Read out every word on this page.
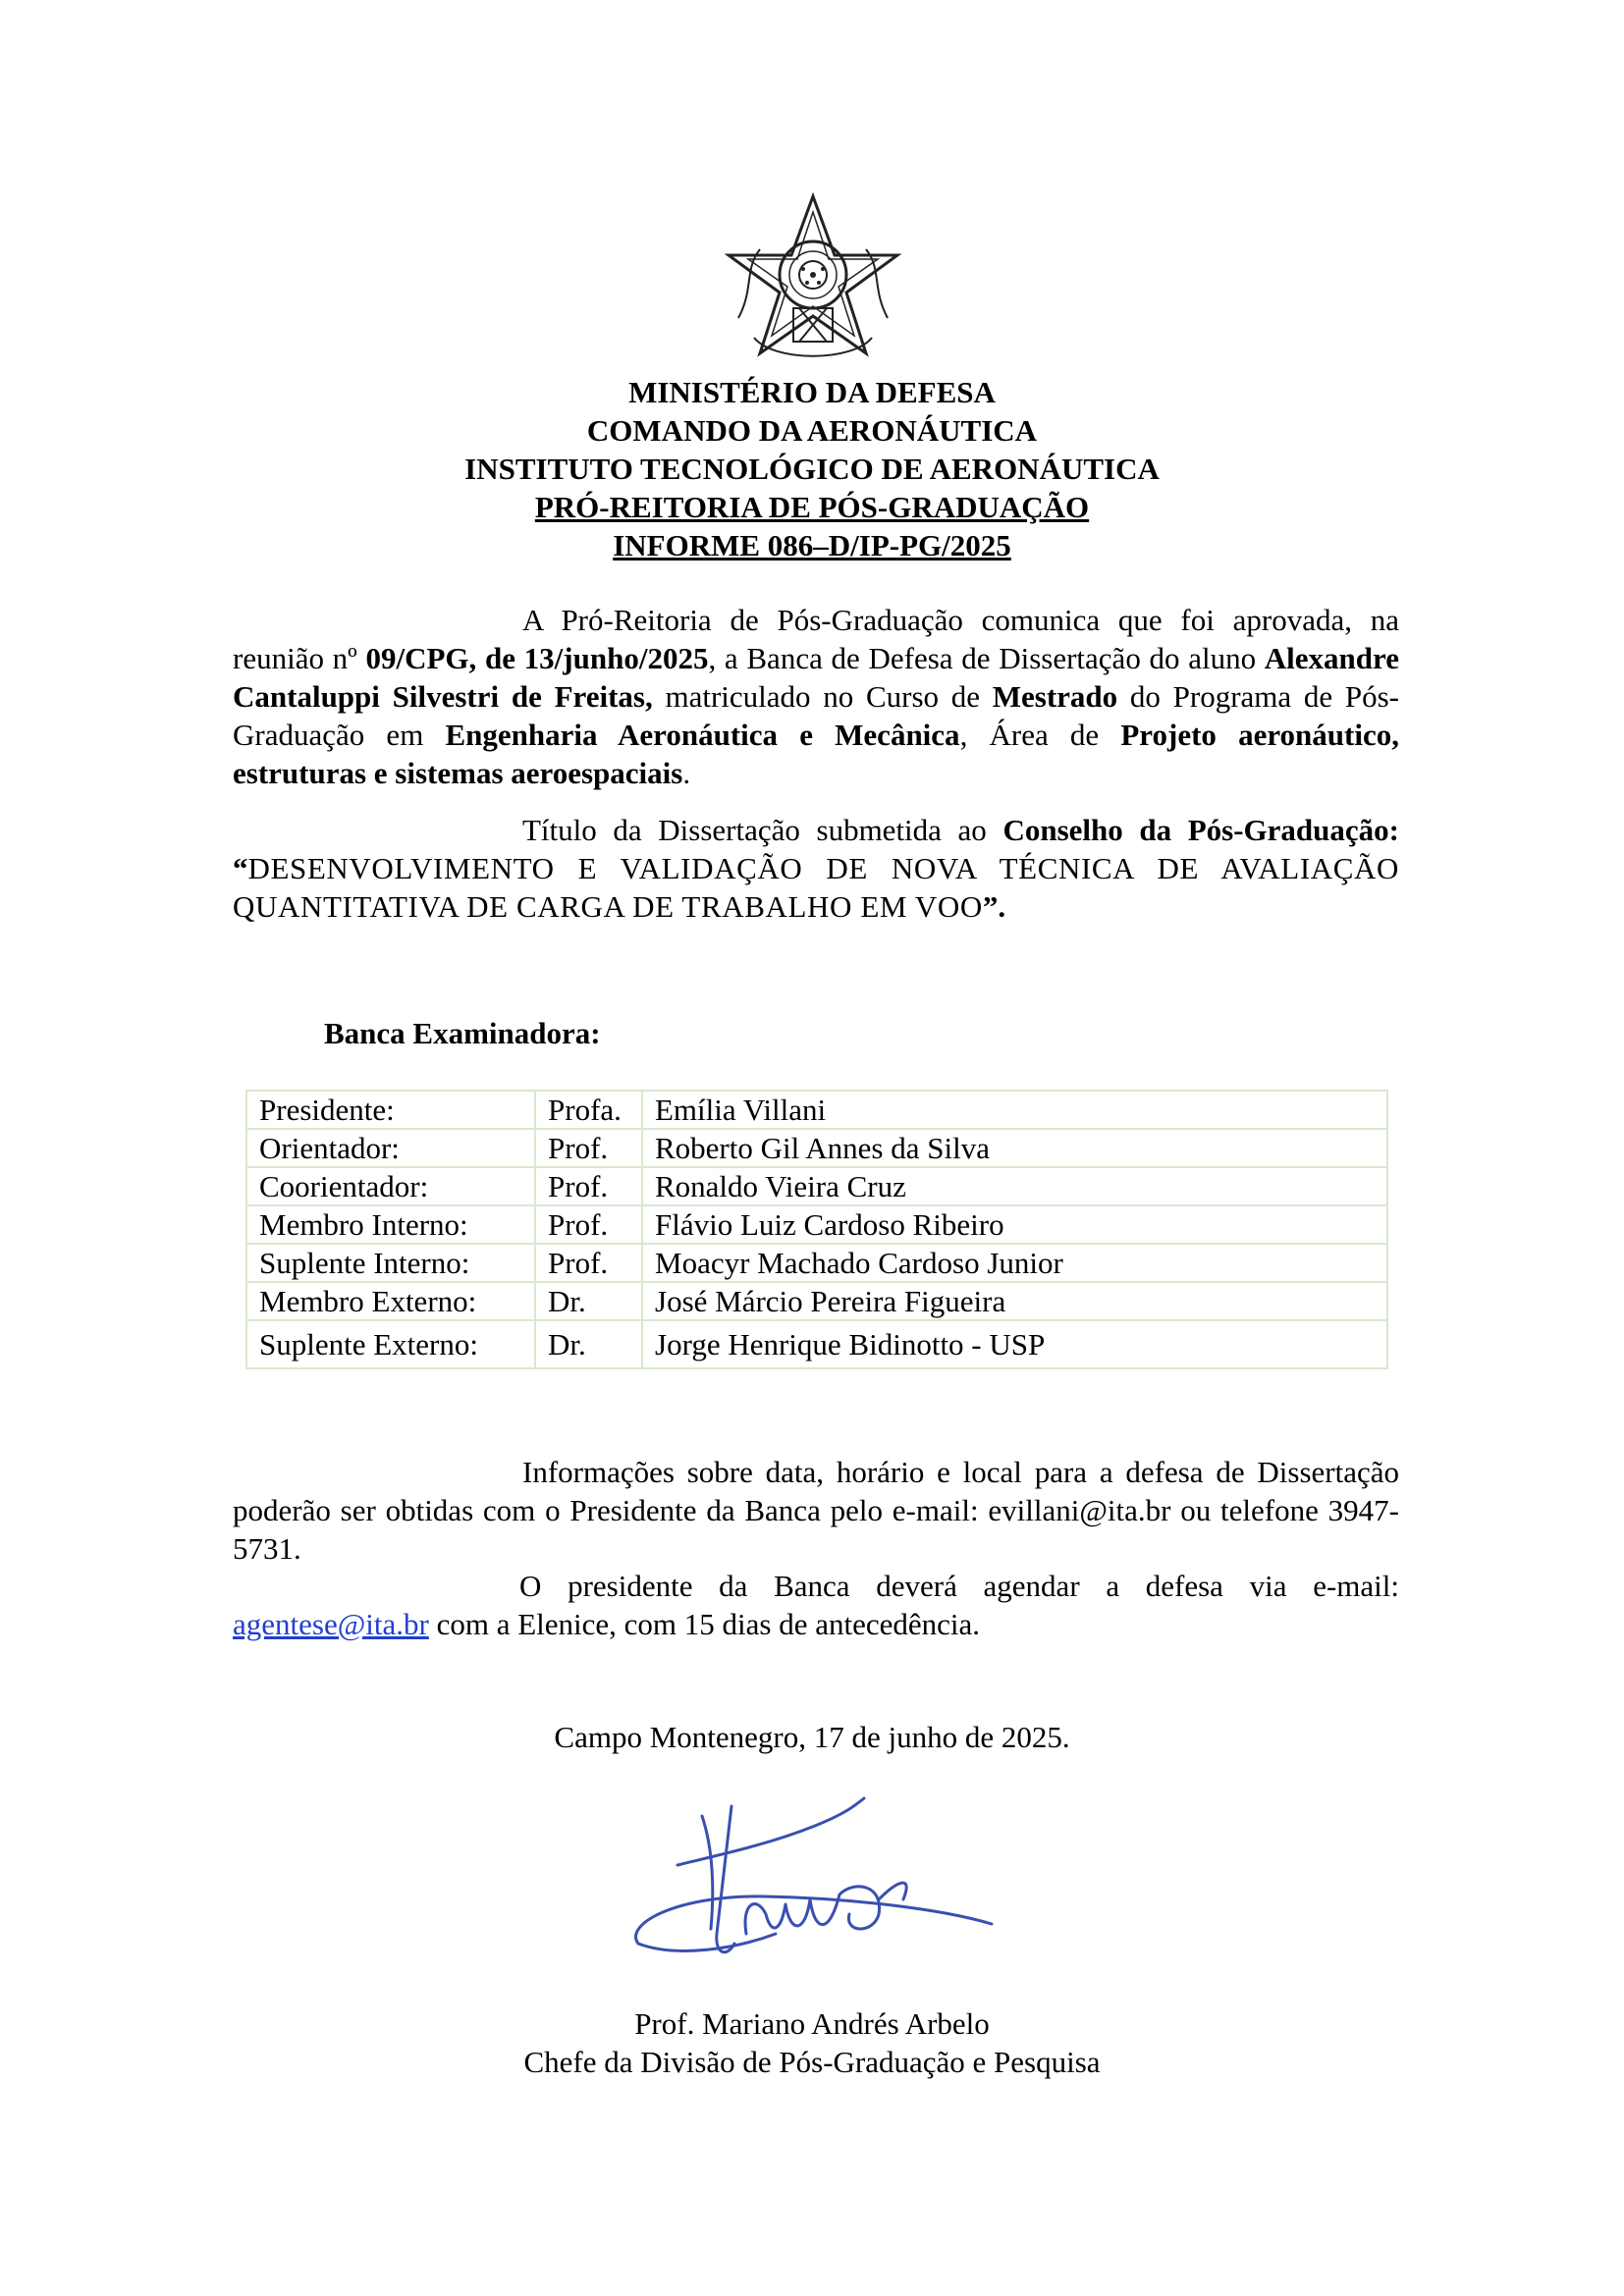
MINISTÉRIO DA DEFESA
COMANDO DA AERONÁUTICA
INSTITUTO TECNOLÓGICO DE AERONÁUTICA
PRÓ-REITORIA DE PÓS-GRADUAÇÃO
INFORME 086–D/IP-PG/2025
A Pró-Reitoria de Pós-Graduação comunica que foi aprovada, na reunião nº 09/CPG, de 13/junho/2025, a Banca de Defesa de Dissertação do aluno Alexandre Cantaluppi Silvestri de Freitas, matriculado no Curso de Mestrado do Programa de Pós-Graduação em Engenharia Aeronáutica e Mecânica, Área de Projeto aeronáutico, estruturas e sistemas aeroespaciais.
Título da Dissertação submetida ao Conselho da Pós-Graduação: “DESENVOLVIMENTO E VALIDAÇÃO DE NOVA TÉCNICA DE AVALIAÇÃO QUANTITATIVA DE CARGA DE TRABALHO EM VOO”.
Banca Examinadora:
Presidente:	Profa.	Emília Villani
Orientador:	Prof.	Roberto Gil Annes da Silva
Coorientador:	Prof.	Ronaldo Vieira Cruz
Membro Interno:	Prof.	Flávio Luiz Cardoso Ribeiro
Suplente Interno:	Prof.	Moacyr Machado Cardoso Junior
Membro Externo:	Dr.	José Márcio Pereira Figueira
Suplente Externo:	Dr.	Jorge Henrique Bidinotto - USP
Informações sobre data, horário e local para a defesa de Dissertação poderão ser obtidas com o Presidente da Banca pelo e-mail: evillani@ita.br ou telefone 3947-5731.
O presidente da Banca deverá agendar a defesa via e-mail: agentese@ita.br com a Elenice, com 15 dias de antecedência.
Campo Montenegro, 17 de junho de 2025.
Prof. Mariano Andrés Arbelo
Chefe da Divisão de Pós-Graduação e Pesquisa
